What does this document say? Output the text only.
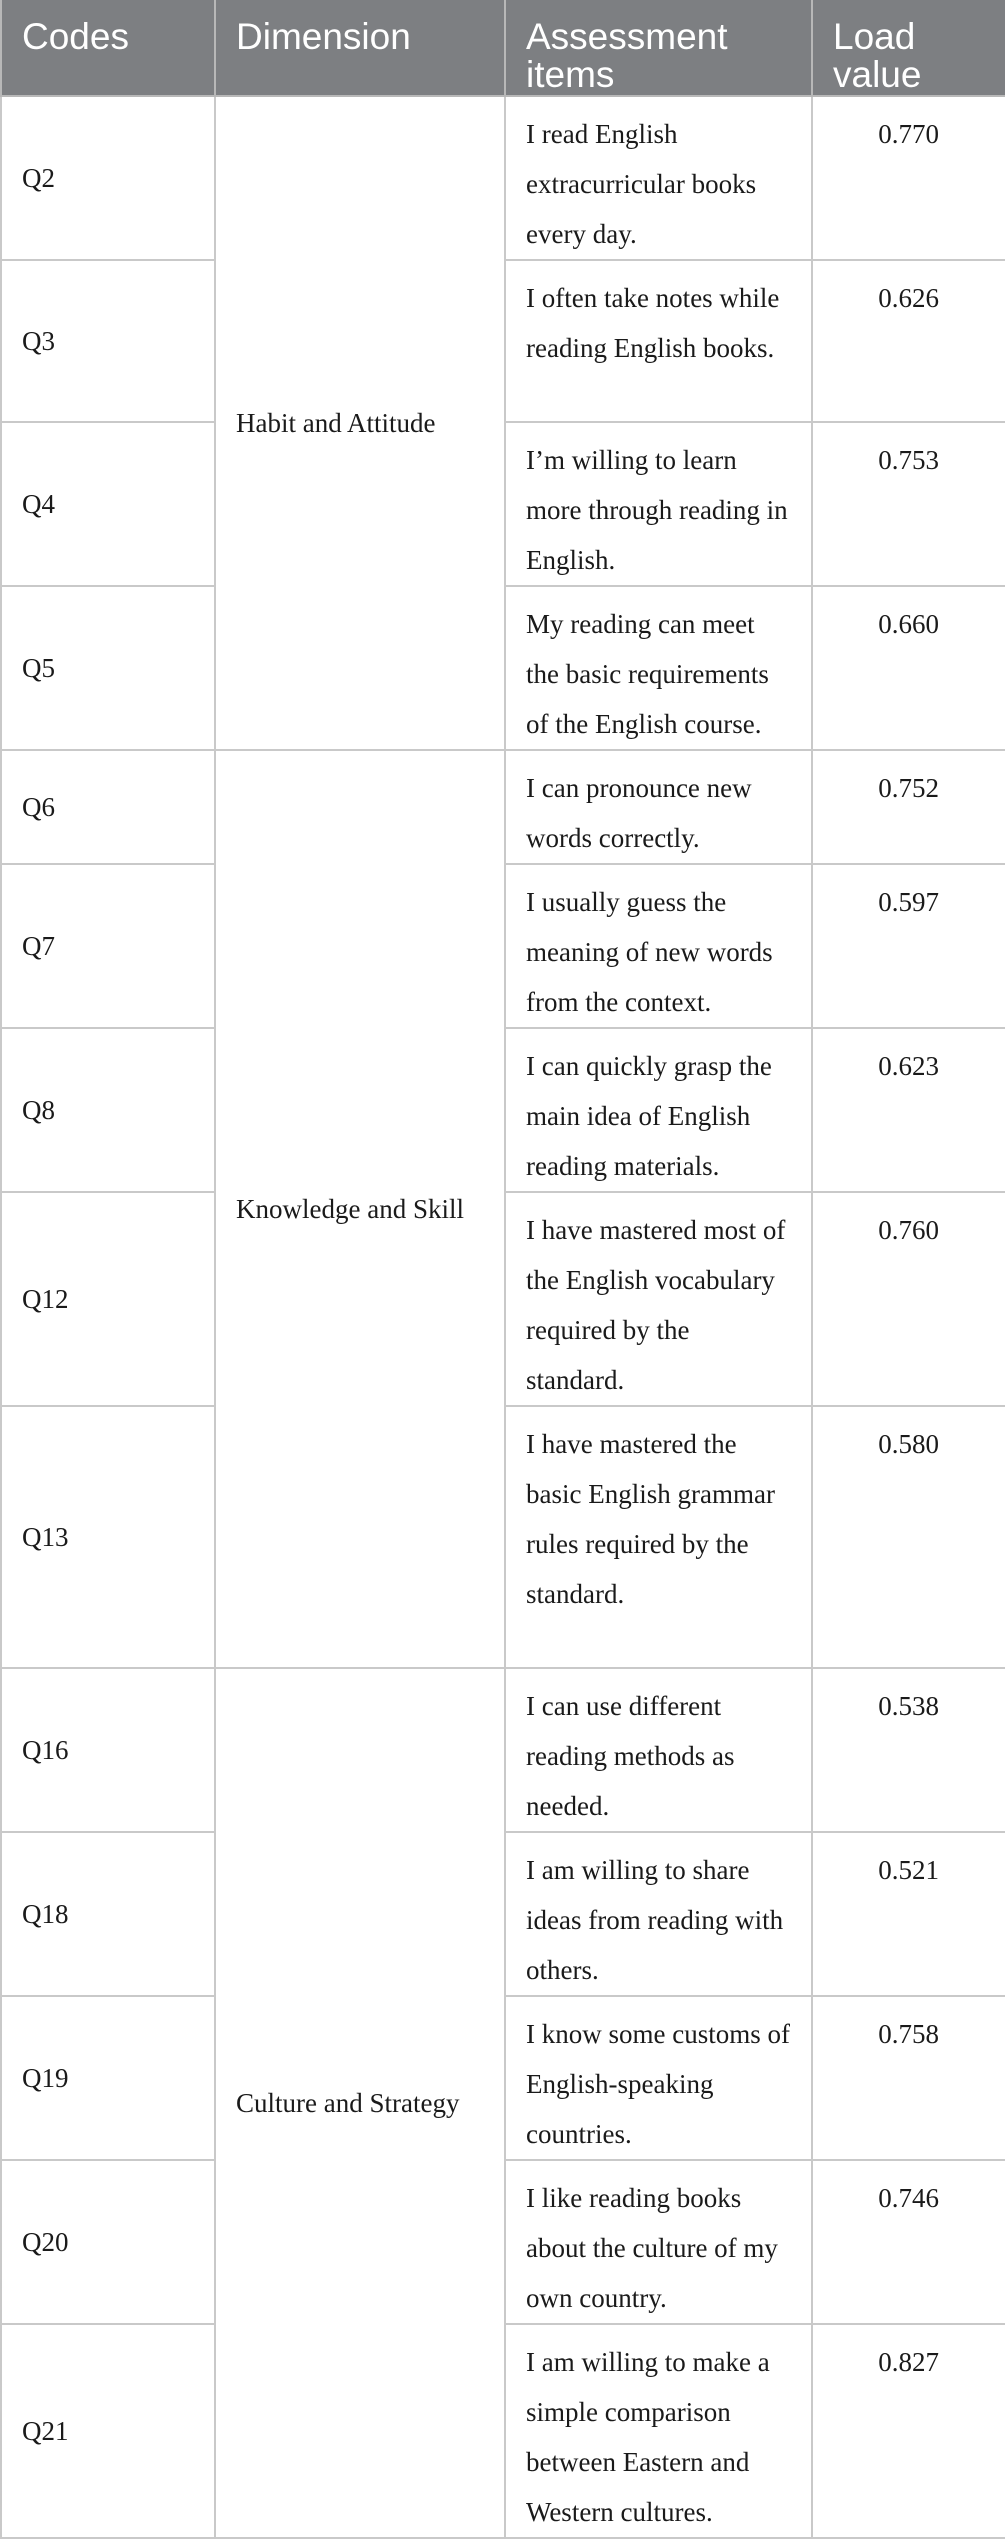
Codes	Dimension	Assessment items	Load value
Q2	Habit and Attitude	I read English extracurricular books every day.	0.770
Q3		I often take notes while reading English books.	0.626
Q4		I’m willing to learn more through reading in English.	0.753
Q5		My reading can meet the basic requirements of the English course.	0.660
Q6	Knowledge and Skill	I can pronounce new words correctly.	0.752
Q7		I usually guess the meaning of new words from the context.	0.597
Q8		I can quickly grasp the main idea of English reading materials.	0.623
Q12		I have mastered most of the English vocabulary required by the standard.	0.760
Q13		I have mastered the basic English grammar rules required by the standard.	0.580
Q16	Culture and Strategy	I can use different reading methods as needed.	0.538
Q18		I am willing to share ideas from reading with others.	0.521
Q19		I know some customs of English-speaking countries.	0.758
Q20		I like reading books about the culture of my own country.	0.746
Q21		I am willing to make a simple comparison between Eastern and Western cultures.	0.827
